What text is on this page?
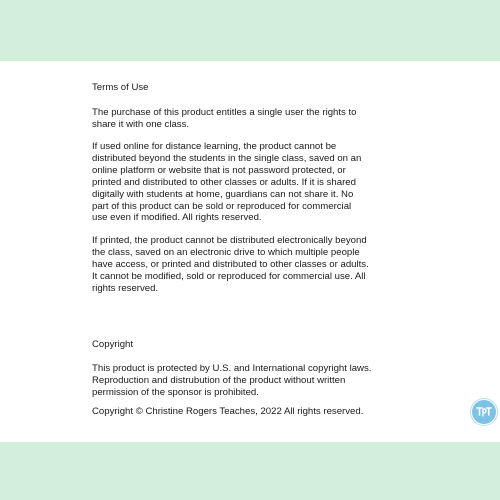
Terms of Use

The purchase of this product entitles a single user the rights to
share it with one class.

If used online for distance learning, the product cannot be
distributed beyond the students in the single class, saved on an
online platform or website that is not password protected, or
printed and distributed to other classes or adults. If it is shared
digitally with students at home, guardians can not share it. No
part of this product can be sold or reproduced for commercial
use even if modified. All rights reserved.

If printed, the product cannot be distributed electronically beyond
the class, saved on an electronic drive to which multiple people
have access, or printed and distributed to other classes or adults.
It cannot be modified, sold or reproduced for commercial use. All
rights reserved.

Copyright

This product is protected by U.S. and International copyright laws.
Reproduction and distrubution of the product without written
permission of the sponsor is prohibited.

Copyright © Christine Rogers Teaches, 2022 All rights reserved.
